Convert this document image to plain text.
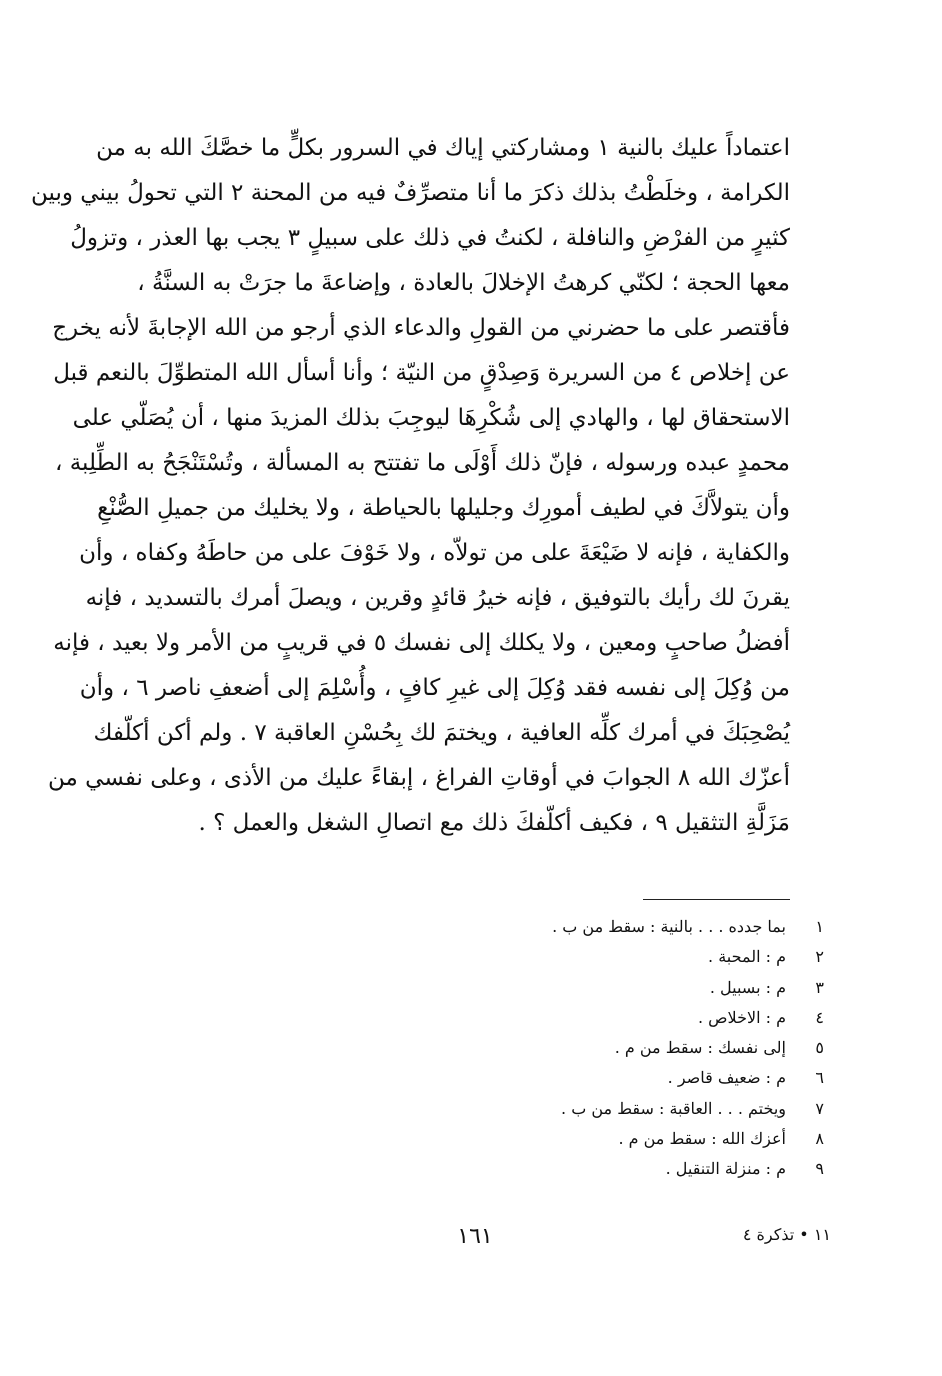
اعتماداً عليك بالنية ١ ومشاركتي إياك في السرور بكلٍّ ما خصَّكَ الله به من
الكرامة ، وخلَطْتُ بذلك ذكرَ ما أنا متصرِّفٌ فيه من المحنة ٢ التي تحولُ بيني وبين
كثيرٍ من الفرْضِ والنافلة ، لكنتُ في ذلك على سبيلٍ ٣ يجب بها العذر ، وتزولُ
معها الحجة ؛ لكنّي كرهتُ الإخلالَ بالعادة ، وإضاعةَ ما جرَتْ به السنَّةُ ،
فأقتصر على ما حضرني من القولِ والدعاء الذي أرجو من الله الإجابةَ لأنه يخرج
عن إخلاص ٤ من السريرة وَصِدْقٍ من النيّة ؛ وأنا أسأل الله المتطوِّلَ بالنعم قبل
الاستحقاق لها ، والهادي إلى شُكْرِهَا ليوجِبَ بذلك المزيدَ منها ، أن يُصَلّي على
محمدٍ عبده ورسوله ، فإنّ ذلك أَوْلَى ما تفتتح به المسألة ، وتُسْتَنْجَحُ به الطِّلِبة ،
وأن يتولاَّكَ في لطيف أمورِك وجليلها بالحياطة ، ولا يخليك من جميلِ الصُّنْعِ
والكفاية ، فإنه لا ضَيْعَةَ على من تولاّه ، ولا خَوْفَ على من حاطَهُ وكفاه ، وأن
يقرنَ لك رأيك بالتوفيق ، فإنه خيرُ قائدٍ وقرين ، ويصلَ أمرك بالتسديد ، فإنه
أفضلُ صاحبٍ ومعين ، ولا يكلك إلى نفسك ٥ في قريبٍ من الأمر ولا بعيد ، فإنه
من وُكِلَ إلى نفسه فقد وُكِلَ إلى غيرِ كافٍ ، وأُسْلِمَ إلى أضعفِ ناصر ٦ ، وأن
يُصْحِبَكَ في أمرك كلِّه العافية ، ويختمَ لك بِحُسْنِ العاقبة ٧ . ولم أكن أكلّفك
أعزّك الله ٨ الجوابَ في أوقاتِ الفراغ ، إبقاءً عليك من الأذى ، وعلى نفسي من
مَزَلَّةِ التثقيل ٩ ، فكيف أكلّفكَ ذلك مع اتصالِ الشغل والعمل ؟ .
١
بما جدده . . . بالنية : سقط من ب .
٢
م : المحبة .
٣
م : بسبيل .
٤
م : الاخلاص .
٥
إلى نفسك : سقط من م .
٦
م : ضعيف قاصر .
٧
ويختم . . . العاقبة : سقط من ب .
٨
أعزك الله : سقط من م .
٩
م : منزلة التنقيل .
١١ • تذكرة ٤
١٦١
